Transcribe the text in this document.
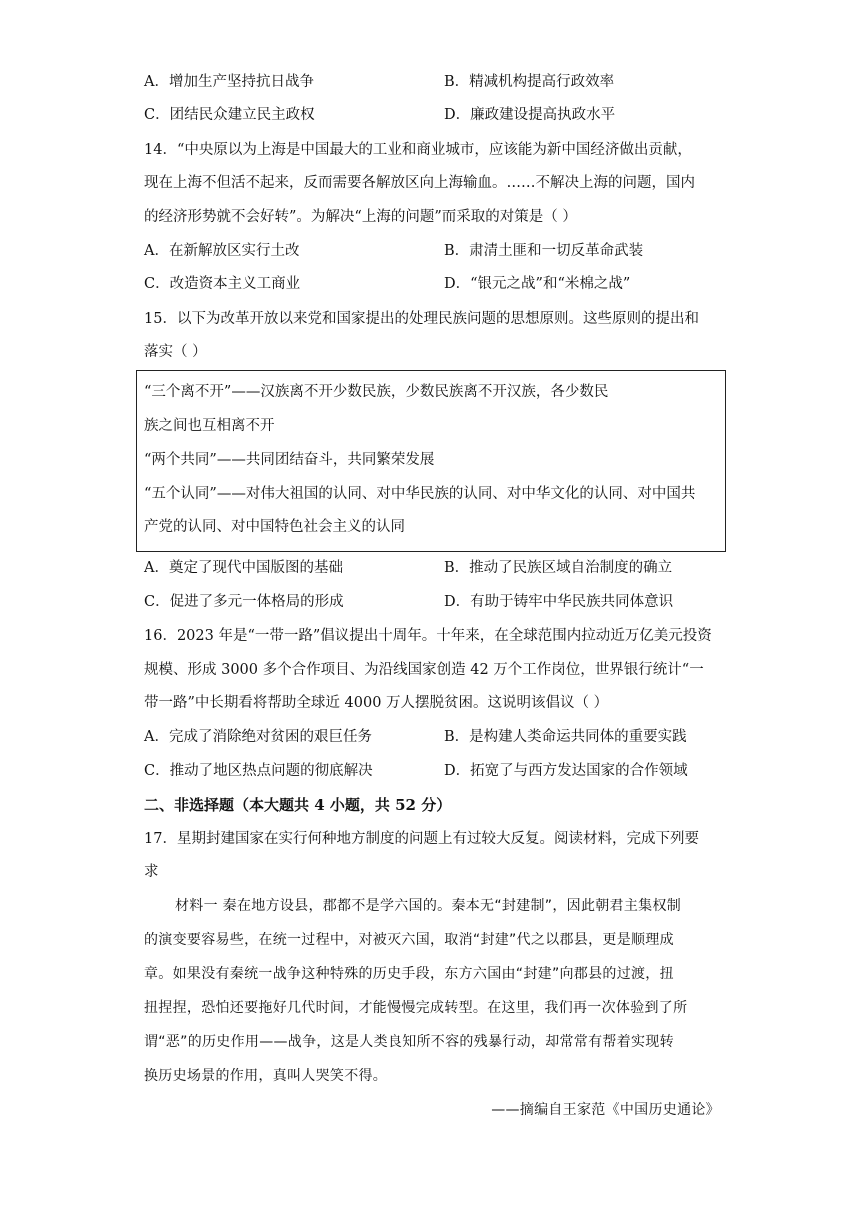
A．增加生产坚持抗日战争	B．精减机构提高行政效率
C．团结民众建立民主政权	D．廉政建设提高执政水平
14．“中央原以为上海是中国最大的工业和商业城市，应该能为新中国经济做出贡献，
现在上海不但活不起来，反而需要各解放区向上海输血。……不解决上海的问题，国内
的经济形势就不会好转”。为解决“上海的问题”而采取的对策是（ ）
A．在新解放区实行土改	B．肃清土匪和一切反革命武装
C．改造资本主义工商业	D．“银元之战”和“米棉之战”
15．以下为改革开放以来党和国家提出的处理民族问题的思想原则。这些原则的提出和
落实（ ）
“三个离不开”——汉族离不开少数民族，少数民族离不开汉族，各少数民
族之间也互相离不开
“两个共同”——共同团结奋斗，共同繁荣发展
“五个认同”——对伟大祖国的认同、对中华民族的认同、对中华文化的认同、对中国共
产党的认同、对中国特色社会主义的认同
A．奠定了现代中国版图的基础	B．推动了民族区域自治制度的确立
C．促进了多元一体格局的形成	D．有助于铸牢中华民族共同体意识
16．2023 年是“一带一路”倡议提出十周年。十年来，在全球范围内拉动近万亿美元投资
规模、形成 3000 多个合作项目、为沿线国家创造 42 万个工作岗位，世界银行统计“一
带一路”中长期看将帮助全球近 4000 万人摆脱贫困。这说明该倡议（ ）
A．完成了消除绝对贫困的艰巨任务	B．是构建人类命运共同体的重要实践
C．推动了地区热点问题的彻底解决	D．拓宽了与西方发达国家的合作领域
二、非选择题（本大题共 4 小题，共 52 分）
17．星期封建国家在实行何种地方制度的问题上有过较大反复。阅读材料，完成下列要
求
材料一 秦在地方设县，郡都不是学六国的。秦本无“封建制”，因此朝君主集权制
的演变要容易些，在统一过程中，对被灭六国，取消“封建”代之以郡县，更是顺理成
章。如果没有秦统一战争这种特殊的历史手段，东方六国由“封建”向郡县的过渡，扭
扭捏捏，恐怕还要拖好几代时间，才能慢慢完成转型。在这里，我们再一次体验到了所
谓“恶”的历史作用——战争，这是人类良知所不容的残暴行动，却常常有帮着实现转
换历史场景的作用，真叫人哭笑不得。
——摘编自王家范《中国历史通论》
